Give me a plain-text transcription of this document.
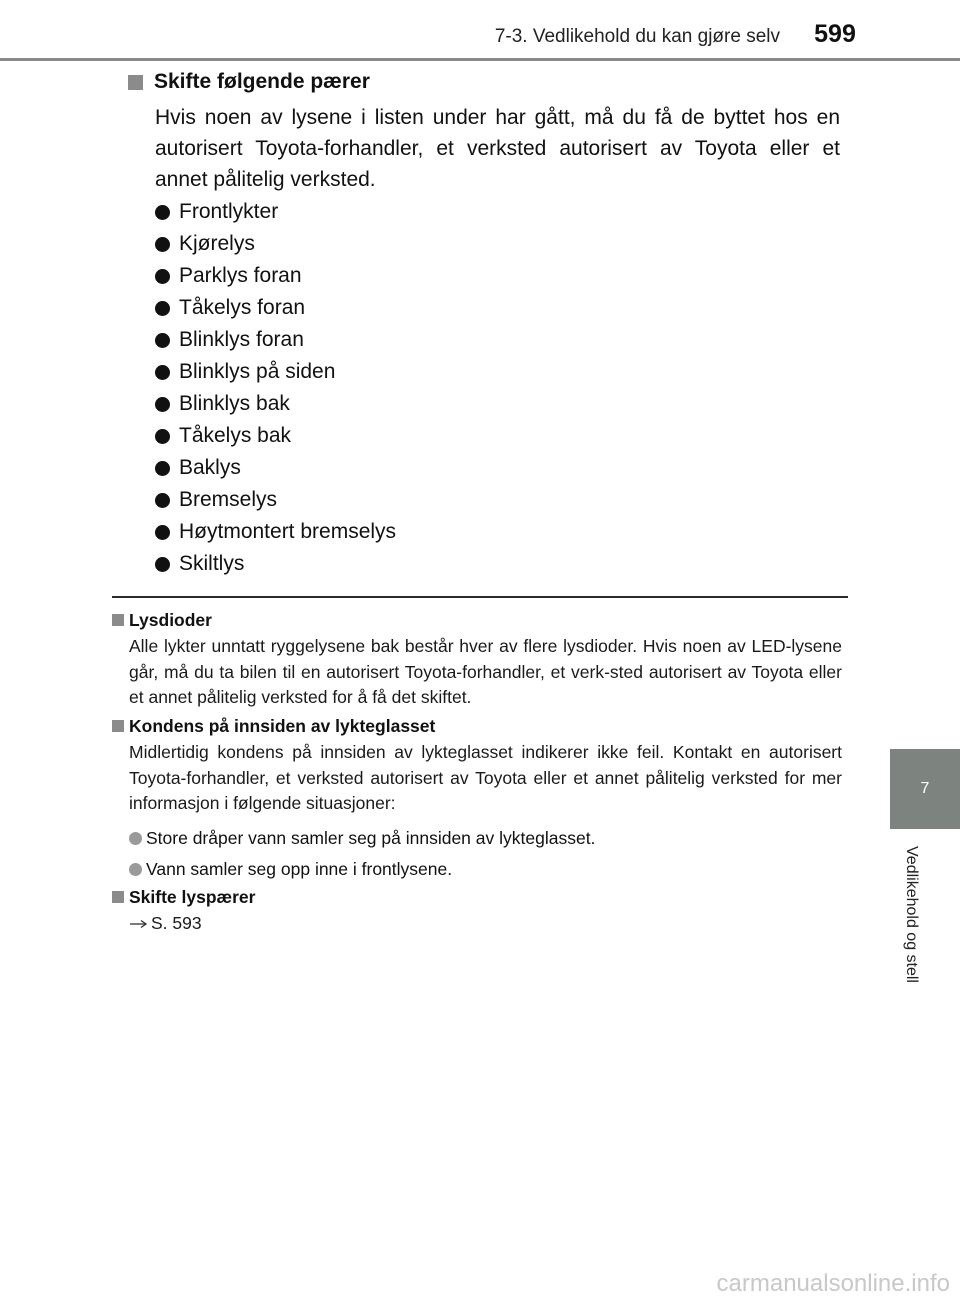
7-3. Vedlikehold du kan gjøre selv	599
7
Vedlikehold og stell
Skifte følgende pærer

Hvis noen av lysene i listen under har gått, må du få de byttet hos en autorisert Toyota-forhandler, et verksted autorisert av Toyota eller et annet pålitelig verksted.

Frontlykter
Kjørelys
Parklys foran
Tåkelys foran
Blinklys foran
Blinklys på siden
Blinklys bak
Tåkelys bak
Baklys
Bremselys
Høytmontert bremselys
Skiltlys
Lysdioder
Alle lykter unntatt ryggelysene bak består hver av flere lysdioder. Hvis noen av LED-lysene går, må du ta bilen til en autorisert Toyota-forhandler, et verk-sted autorisert av Toyota eller et annet pålitelig verksted for å få det skiftet.
Kondens på innsiden av lykteglasset
Midlertidig kondens på innsiden av lykteglasset indikerer ikke feil. Kontakt en autorisert Toyota-forhandler, et verksted autorisert av Toyota eller et annet pålitelig verksted for mer informasjon i følgende situasjoner:
Store dråper vann samler seg på innsiden av lykteglasset.
Vann samler seg opp inne i frontlysene.
Skifte lyspærer
S. 593
carmanualsonline.info
